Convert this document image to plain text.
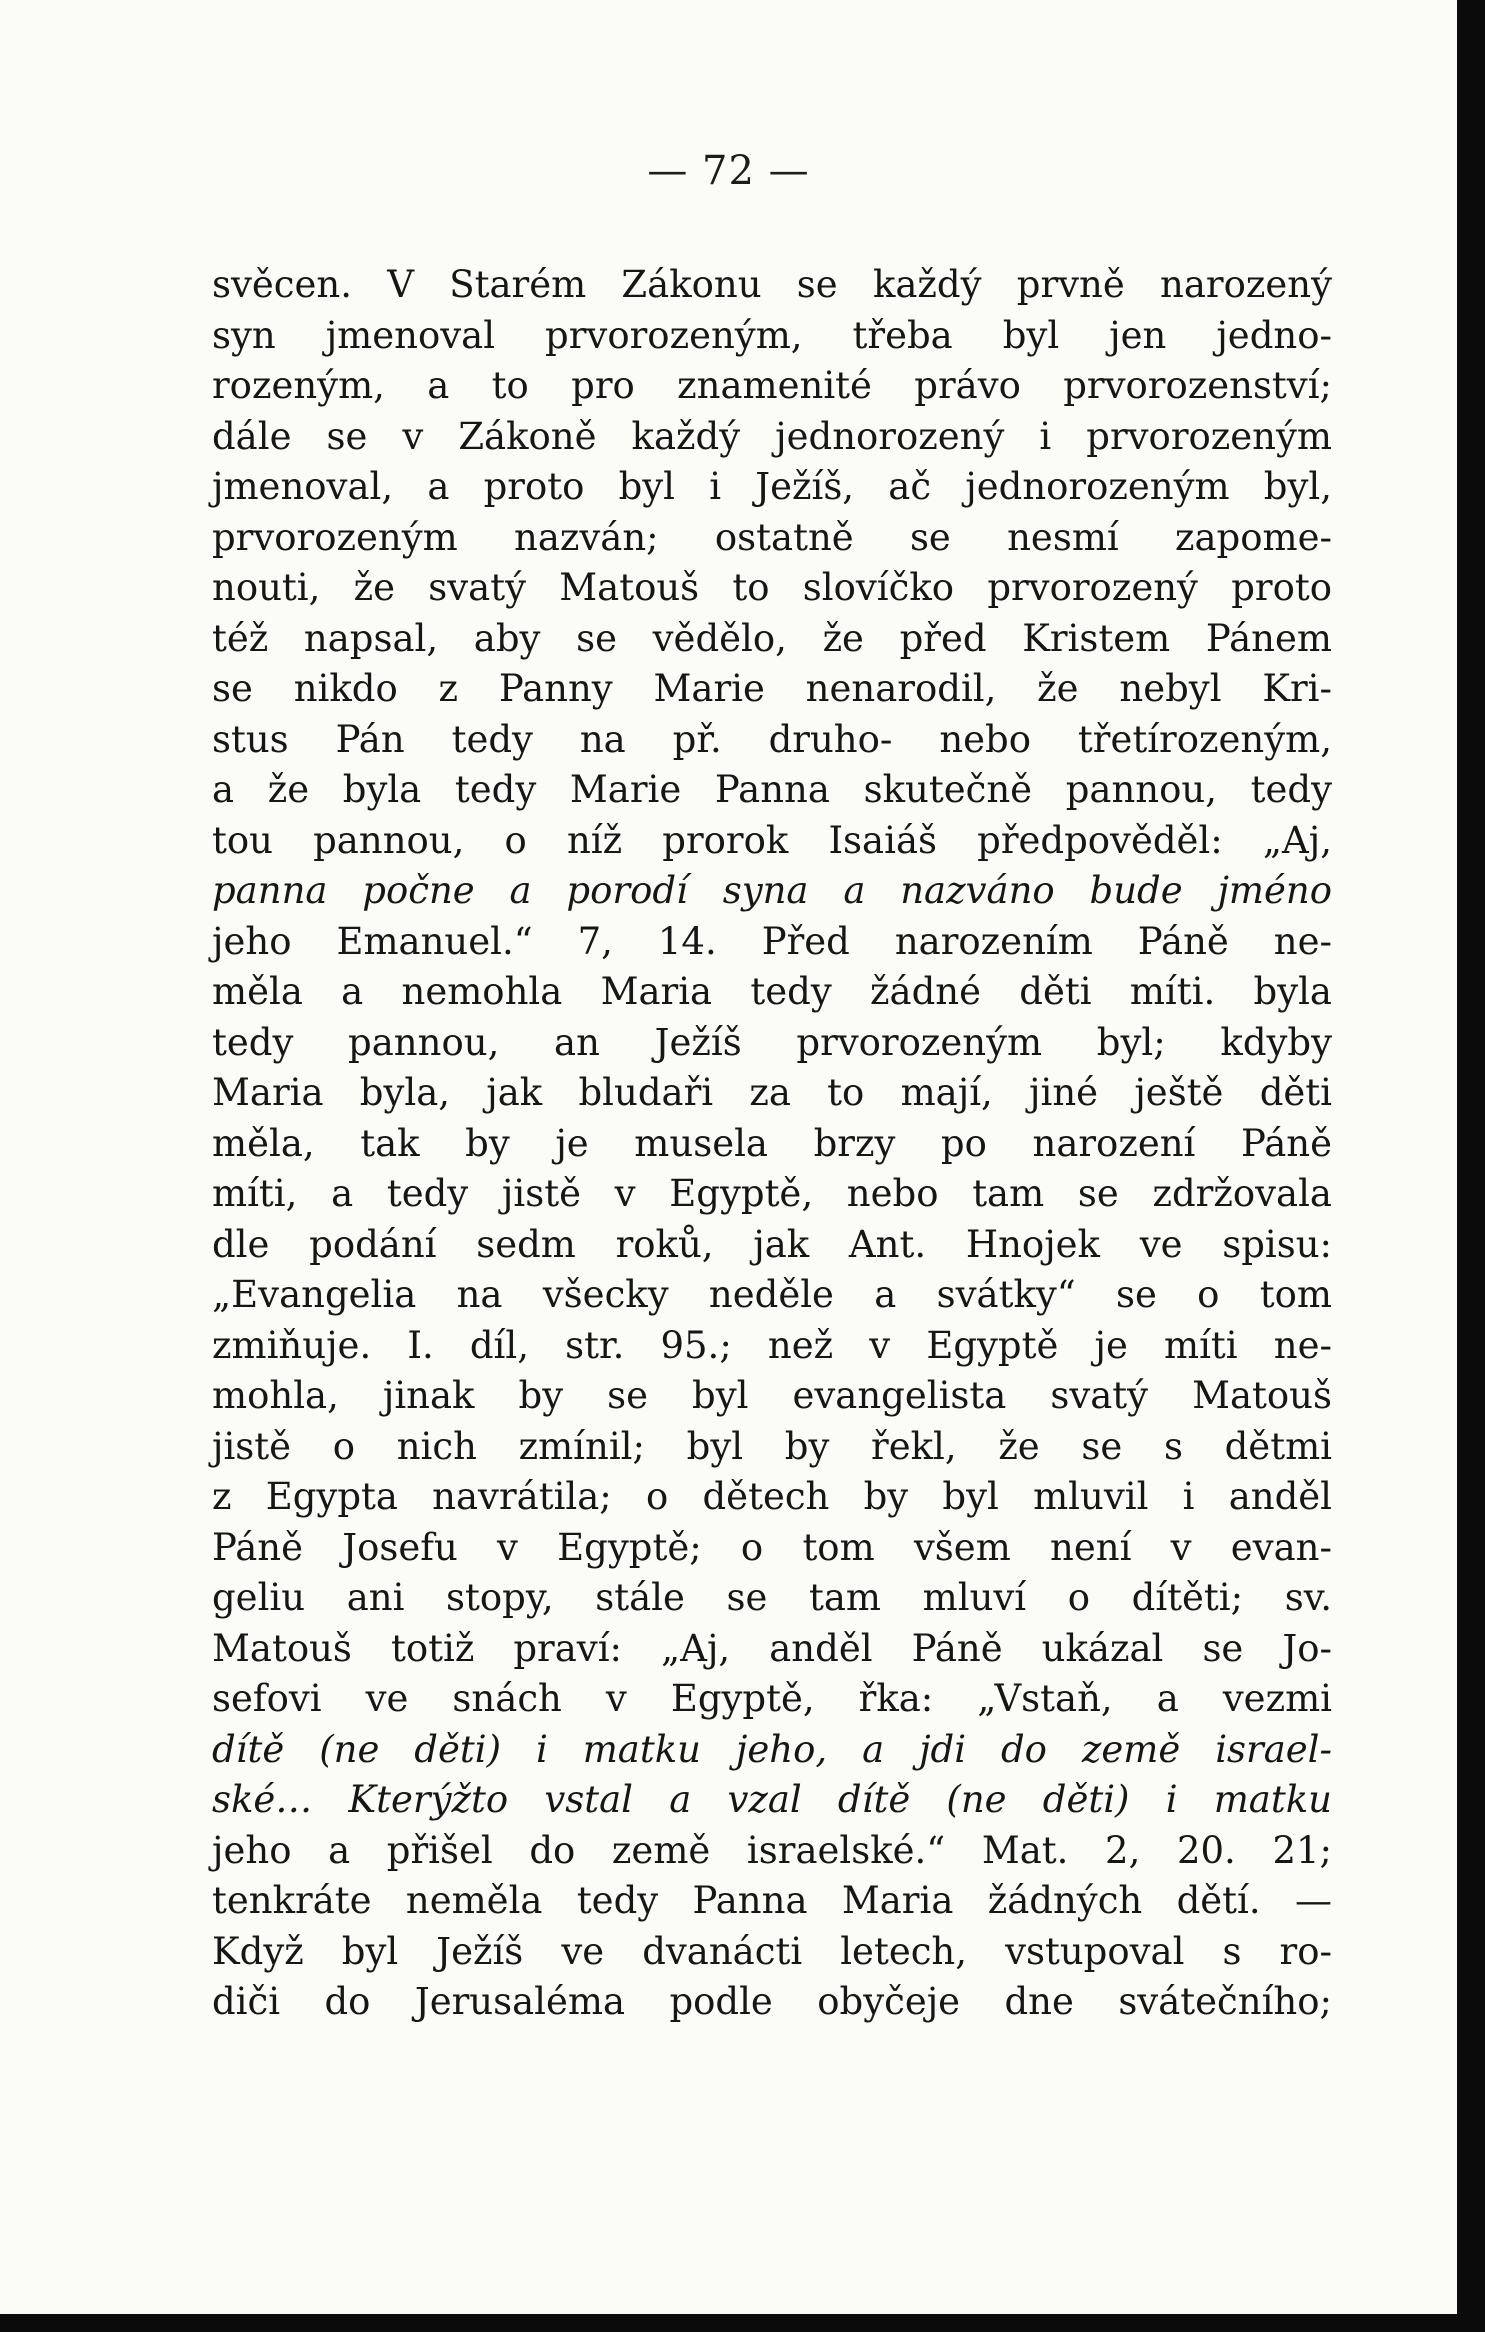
— 72 —
svěcen. V Starém Zákonu se každý prvně narozený
syn jmenoval prvorozeným, třeba byl jen jedno-
rozeným, a to pro znamenité právo prvorozenství;
dále se v Zákoně každý jednorozený i prvorozeným
jmenoval, a proto byl i Ježíš, ač jednorozeným byl,
prvorozeným nazván; ostatně se nesmí zapome-
nouti, že svatý Matouš to slovíčko prvorozený proto
též napsal, aby se vědělo, že před Kristem Pánem
se nikdo z Panny Marie nenarodil, že nebyl Kri-
stus Pán tedy na př. druho- nebo třetírozeným,
a že byla tedy Marie Panna skutečně pannou, tedy
tou pannou, o níž prorok Isaiáš předpověděl: „Aj,
panna počne a porodí syna a nazváno bude jméno
jeho Emanuel.“ 7, 14. Před narozením Páně ne-
měla a nemohla Maria tedy žádné děti míti. byla
tedy pannou, an Ježíš prvorozeným byl; kdyby
Maria byla, jak bludaři za to mají, jiné ještě děti
měla, tak by je musela brzy po narození Páně
míti, a tedy jistě v Egyptě, nebo tam se zdržovala
dle podání sedm roků, jak Ant. Hnojek ve spisu:
„Evangelia na všecky neděle a svátky“ se o tom
zmiňuje. I. díl, str. 95.; než v Egyptě je míti ne-
mohla, jinak by se byl evangelista svatý Matouš
jistě o nich zmínil; byl by řekl, že se s dětmi
z Egypta navrátila; o dětech by byl mluvil i anděl
Páně Josefu v Egyptě; o tom všem není v evan-
geliu ani stopy, stále se tam mluví o dítěti; sv.
Matouš totiž praví: „Aj, anděl Páně ukázal se Jo-
sefovi ve snách v Egyptě, řka: „Vstaň, a vezmi
dítě (ne děti) i matku jeho, a jdi do země israel-
ské… Kterýžto vstal a vzal dítě (ne děti) i matku
jeho a přišel do země israelské.“ Mat. 2, 20. 21;
tenkráte neměla tedy Panna Maria žádných dětí. —
Když byl Ježíš ve dvanácti letech, vstupoval s ro-
diči do Jerusaléma podle obyčeje dne svátečního;
